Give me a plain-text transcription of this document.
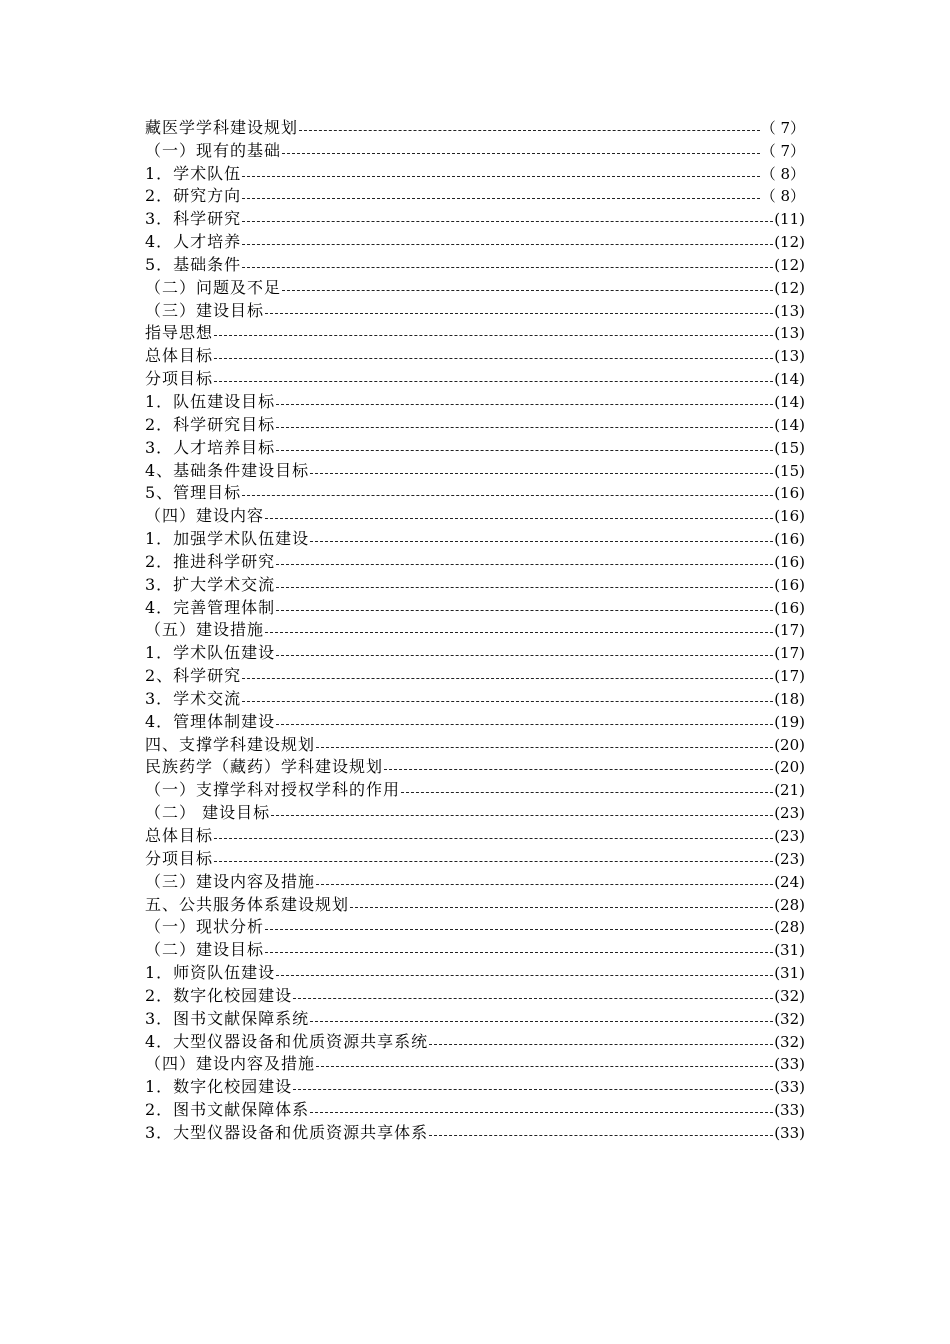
藏医学学科建设规划	（ 7）
（一）现有的基础	（ 7）
1．学术队伍	（ 8）
2．研究方向	（ 8）
3．科学研究	(11)
4．人才培养	(12)
5．基础条件	(12)
（二）问题及不足	(12)
（三）建设目标	(13)
指导思想	(13)
总体目标	(13)
分项目标	(14)
1．队伍建设目标	(14)
2．科学研究目标	(14)
3．人才培养目标	(15)
4、基础条件建设目标	(15)
5、管理目标	(16)
（四）建设内容	(16)
1．加强学术队伍建设	(16)
2．推进科学研究	(16)
3．扩大学术交流	(16)
4．完善管理体制	(16)
（五）建设措施	(17)
1．学术队伍建设	(17)
2、科学研究	(17)
3．学术交流	(18)
4．管理体制建设	(19)
四、支撑学科建设规划	(20)
民族药学（藏药）学科建设规划	(20)
（一）支撑学科对授权学科的作用	(21)
（二） 建设目标	(23)
总体目标	(23)
分项目标	(23)
（三）建设内容及措施	(24)
五、公共服务体系建设规划	(28)
（一）现状分析	(28)
（二）建设目标	(31)
1．师资队伍建设	(31)
2．数字化校园建设	(32)
3．图书文献保障系统	(32)
4．大型仪器设备和优质资源共享系统	(32)
（四）建设内容及措施	(33)
1．数字化校园建设	(33)
2．图书文献保障体系	(33)
3．大型仪器设备和优质资源共享体系	(33)
